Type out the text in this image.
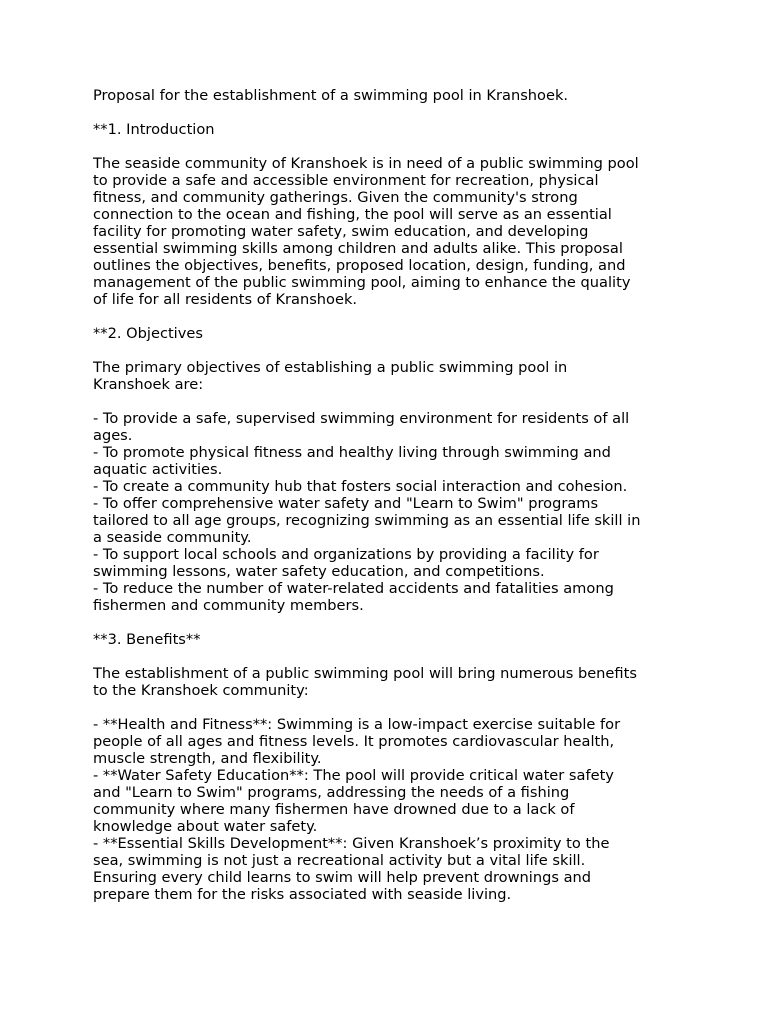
Proposal for the establishment of a swimming pool in Kranshoek.
**1. Introduction
The seaside community of Kranshoek is in need of a public swimming pool
to provide a safe and accessible environment for recreation, physical
fitness, and community gatherings. Given the community's strong
connection to the ocean and fishing, the pool will serve as an essential
facility for promoting water safety, swim education, and developing
essential swimming skills among children and adults alike. This proposal
outlines the objectives, benefits, proposed location, design, funding, and
management of the public swimming pool, aiming to enhance the quality
of life for all residents of Kranshoek.
**2. Objectives
The primary objectives of establishing a public swimming pool in
Kranshoek are:
- To provide a safe, supervised swimming environment for residents of all
ages.
- To promote physical fitness and healthy living through swimming and
aquatic activities.
- To create a community hub that fosters social interaction and cohesion.
- To offer comprehensive water safety and "Learn to Swim" programs
tailored to all age groups, recognizing swimming as an essential life skill in
a seaside community.
- To support local schools and organizations by providing a facility for
swimming lessons, water safety education, and competitions.
- To reduce the number of water-related accidents and fatalities among
fishermen and community members.
**3. Benefits**
The establishment of a public swimming pool will bring numerous benefits
to the Kranshoek community:
- **Health and Fitness**: Swimming is a low-impact exercise suitable for
people of all ages and fitness levels. It promotes cardiovascular health,
muscle strength, and flexibility.
- **Water Safety Education**: The pool will provide critical water safety
and "Learn to Swim" programs, addressing the needs of a fishing
community where many fishermen have drowned due to a lack of
knowledge about water safety.
- **Essential Skills Development**: Given Kranshoek’s proximity to the
sea, swimming is not just a recreational activity but a vital life skill.
Ensuring every child learns to swim will help prevent drownings and
prepare them for the risks associated with seaside living.
